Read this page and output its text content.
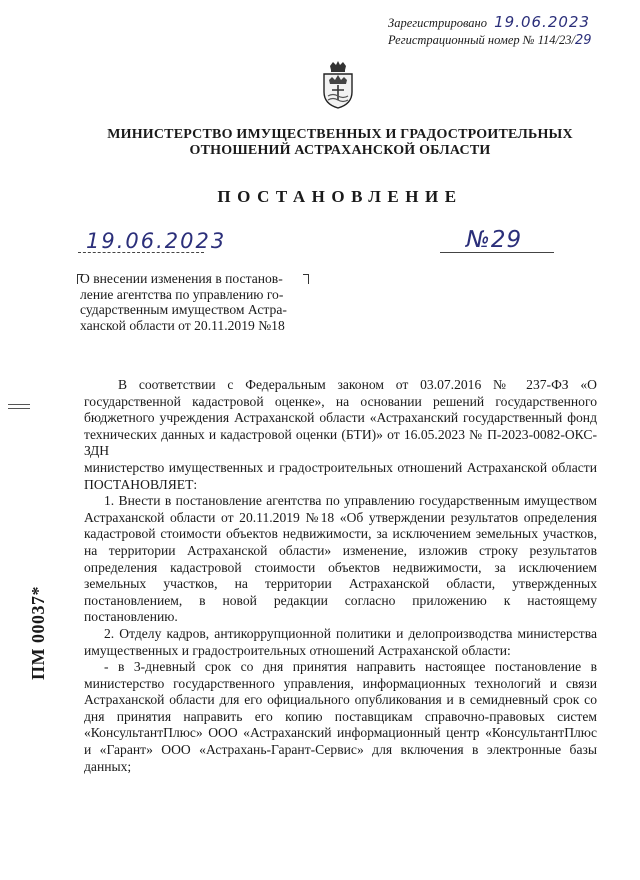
Зарегистрировано 19.06.2023
Регистрационный номер № 114/23/29
МИНИСТЕРСТВО ИМУЩЕСТВЕННЫХ И ГРАДОСТРОИТЕЛЬНЫХ
ОТНОШЕНИЙ АСТРАХАНСКОЙ ОБЛАСТИ
ПОСТАНОВЛЕНИЕ
19.06.2023	№29
О внесении изменения в постанов-
ление агентства по управлению го-
сударственным имуществом Астра-
ханской области от 20.11.2019 №18
ПМ 00037*

В соответствии с Федеральным законом от 03.07.2016 № 237-ФЗ «О государственной кадастровой оценке», на основании решений государственного бюджетного учреждения Астраханской области «Астраханский государственный фонд технических данных и кадастровой оценки (БТИ)» от 16.05.2023 № П-2023-0082-ОКС-ЗДН

министерство имущественных и градостроительных отношений Астраханской области ПОСТАНОВЛЯЕТ:

1. Внести в постановление агентства по управлению государственным имуществом Астраханской области от 20.11.2019 №18 «Об утверждении результатов определения кадастровой стоимости объектов недвижимости, за исключением земельных участков, на территории Астраханской области» изменение, изложив строку результатов определения кадастровой стоимости объектов недвижимости, за исключением земельных участков, на территории Астраханской области, утвержденных постановлением, в новой редакции согласно приложению к настоящему постановлению.

2. Отделу кадров, антикоррупционной политики и делопроизводства министерства имущественных и градостроительных отношений Астраханской области:

- в 3-дневный срок со дня принятия направить настоящее постановление в министерство государственного управления, информационных технологий и связи Астраханской области для его официального опубликования и в семидневный срок со дня принятия направить его копию поставщикам справочно-правовых систем «КонсультантПлюс» ООО «Астраханский информационный центр «КонсультантПлюс и «Гарант» ООО «Астрахань-Гарант-Сервис» для включения в электронные базы данных;
